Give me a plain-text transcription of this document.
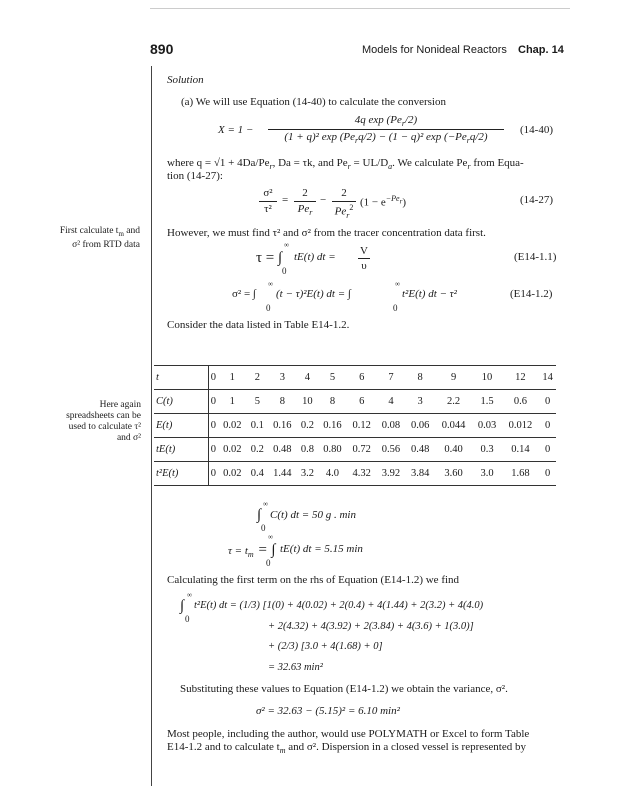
890	Models for Nonideal Reactors Chap. 14
Solution
(a) We will use Equation (14-40) to calculate the conversion
X = 1 −
4q $\exp (Pe_r/2)$
(1 + q)² $\exp (Pe_rq/2) - (1 - q)^2$ $\exp (-Pe_rq/2)$
(14-40)
where $q = √1 + 4Da/Pe_r$, Da = τk, and $Pe_r = UL/D_a$. We calculate $Pe_r$ from Equa-
tion (14-27):
σ²
τ²
=
2
$Pe_r$
−
2
$Pe_r^2$ $(1 - e^{-Pe_r})$	(14-27)
First calculate $t_m$ and
σ² from RTD data
However, we must find τ² and σ² from the tracer concentration data first.
τ = ∫
∞
0
tE(t) dt = V
υ
(E14-1.1)
σ² = ∫
∞
0
(t − τ)²E(t) dt = ∫
∞
0
t²E(t) dt − τ²	(E14-1.2)
Consider the data listed in Table E14-1.2.
Here again
spreadsheets can be
used to calculate τ²
and σ²
t	0	1	2	3	4	5	6	7	8	9	10	12	14
C(t)	0	1	5	8	10	8	6	4	3	2.2	1.5	0.6	0
E(t)	0	0.02	0.1	0.16	0.2	0.16	0.12	0.08	0.06	0.044	0.03	0.012	0
tE(t)	0	0.02	0.2	0.48	0.8	0.80	0.72	0.56	0.48	0.40	0.3	0.14	0
t²E(t)	0	0.02	0.4	1.44	3.2	4.0	4.32	3.92	3.84	3.60	3.0	1.68	0
∫
∞
0
C(t) dt = 50 g . min
$\tau = t_m$ = ∫
∞
0
tE(t) dt = 5.15 min
Calculating the first term on the rhs of Equation (E14-1.2) we find
∫
∞
0
t²E(t) dt = (1/3) [1(0) + 4(0.02) + 2(0.4) + 4(1.44) + 2(3.2) + 4(4.0)
+ 2(4.32) + 4(3.92) + 2(3.84) + 4(3.6) + 1(3.0)]
+ (2/3) [3.0 + 4(1.68) + 0]
= 32.63 min²
Substituting these values to Equation (E14-1.2) we obtain the variance, σ².
σ² = 32.63 − (5.15)² = 6.10 min²
Most people, including the author, would use POLYMATH or Excel to form Table
E14-1.2 and to calculate $t_m$ and σ². Dispersion in a closed vessel is represented by
